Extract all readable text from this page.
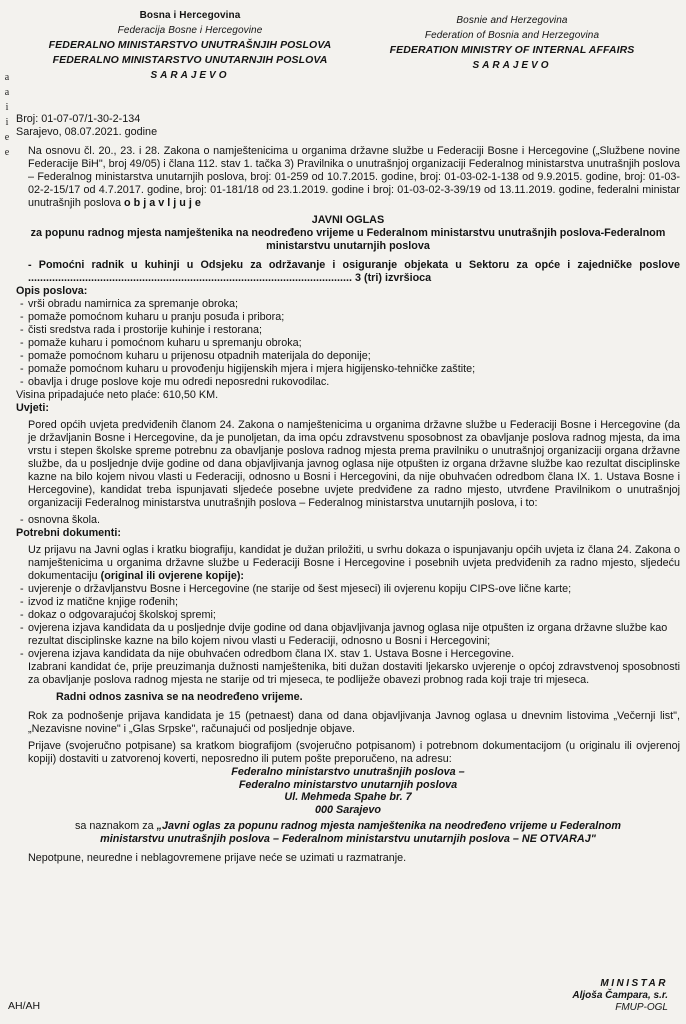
a
a
i
i
e
e
Bosna i Hercegovina
Federacija Bosne i Hercegovine
FEDERALNO MINISTARSTVO UNUTRAŠNJIH POSLOVA
FEDERALNO MINISTARSTVO UNUTARNJIH POSLOVA
SARAJEVO
Bosnie and Herzegovina
Federation of Bosnia and Herzegovina
FEDERATION MINISTRY OF INTERNAL AFFAIRS
SARAJEVO

Broj: 01-07-07/1-30-2-134

Sarajevo, 08.07.2021. godine

Na osnovu čl. 20., 23. i 28. Zakona o namještenicima u organima državne službe u Federaciji Bosne i Hercegovine („Službene novine Federacije BiH", broj 49/05) i člana 112. stav 1. tačka 3) Pravilnika o unutrašnjoj organizaciji Federalnog ministarstva unutrašnjih poslova – Federalnog ministarstva unutarnjih poslova, broj: 01-259 od 10.7.2015. godine, broj: 01-03-02-1-138 od 9.9.2015. godine, broj: 01-03-02-2-15/17 od 4.7.2017. godine, broj: 01-181/18 od 23.1.2019. godine i broj: 01-03-02-3-39/19 od 13.11.2019. godine, federalni ministar unutrašnjih poslova o b j a v l j u j e

JAVNI OGLAS

za popunu radnog mjesta namještenika na neodređeno vrijeme u Federalnom ministarstvu unutrašnjih poslova-Federalnom ministarstvu unutarnjih poslova

- Pomoćni radnik u kuhinji u Odsjeku za održavanje i osiguranje objekata u Sektoru za opće i zajedničke poslove ............................................................................................................ 3 (tri) izvršioca

Opis poslova:

- vrši obradu namirnica za spremanje obroka;
- pomaže pomoćnom kuharu u pranju posuđa i pribora;
- čisti sredstva rada i prostorije kuhinje i restorana;
- pomaže kuharu i pomoćnom kuharu u spremanju obroka;
- pomaže pomoćnom kuharu u prijenosu otpadnih materijala do deponije;
- pomaže pomoćnom kuharu u provođenju higijenskih mjera i mjera higijensko-tehničke zaštite;
- obavlja i druge poslove koje mu odredi neposredni rukovodilac.

Visina pripadajuće neto plaće: 610,50 KM.

Uvjeti:

Pored općih uvjeta predviđenih članom 24. Zakona o namještenicima u organima državne službe u Federaciji Bosne i Hercegovine (da je državljanin Bosne i Hercegovine, da je punoljetan, da ima opću zdravstvenu sposobnost za obavljanje poslova radnog mjesta, da ima vrstu i stepen školske spreme potrebnu za obavljanje poslova radnog mjesta prema pravilniku o unutrašnjoj organizaciji organa državne službe, da u posljednje dvije godine od dana objavljivanja javnog oglasa nije otpušten iz organa državne službe kao rezultat disciplinske kazne na bilo kojem nivou vlasti u Federaciji, odnosno u Bosni i Hercegovini, da nije obuhvaćen odredbom člana IX. 1. Ustava Bosne i Hercegovine), kandidat treba ispunjavati sljedeće posebne uvjete predviđene za radno mjesto, utvrđene Pravilnikom o unutrašnjoj organizaciji Federalnog ministarstva unutrašnjih poslova – Federalnog ministarstva unutarnjih poslova, i to:

- osnovna škola.

Potrebni dokumenti:

Uz prijavu na Javni oglas i kratku biografiju, kandidat je dužan priložiti, u svrhu dokaza o ispunjavanju općih uvjeta iz člana 24. Zakona o namještenicima u organima državne službe u Federaciji Bosne i Hercegovine i posebnih uvjeta predviđenih za radno mjesto, sljedeću dokumentaciju (original ili ovjerene kopije):

- uvjerenje o državljanstvu Bosne i Hercegovine (ne starije od šest mjeseci) ili ovjerenu kopiju CIPS-ove lične karte;
- izvod iz matične knjige rođenih;
- dokaz o odgovarajućoj školskoj spremi;
- ovjerena izjava kandidata da u posljednje dvije godine od dana objavljivanja javnog oglasa nije otpušten iz organa državne službe kao rezultat disciplinske kazne na bilo kojem nivou vlasti u Federaciji, odnosno u Bosni i Hercegovini;
- ovjerena izjava kandidata da nije obuhvaćen odredbom člana IX. stav 1. Ustava Bosne i Hercegovine.

Izabrani kandidat će, prije preuzimanja dužnosti namještenika, biti dužan dostaviti ljekarsko uvjerenje o općoj zdravstvenoj sposobnosti za obavljanje poslova radnog mjesta ne starije od tri mjeseca, te podliježe obavezi probnog rada koji traje tri mjeseca.

Radni odnos zasniva se na neodređeno vrijeme.

Rok za podnošenje prijava kandidata je 15 (petnaest) dana od dana objavljivanja Javnog oglasa u dnevnim listovima „Večernji list", „Nezavisne novine" i „Glas Srpske", računajući od posljednje objave.

Prijave (svojeručno potpisane) sa kratkom biografijom (svojeručno potpisanom) i potrebnom dokumentacijom (u originalu ili ovjerenoj kopiji) dostaviti u zatvorenoj koverti, neposredno ili putem pošte preporučeno, na adresu:

Federalno ministarstvo unutrašnjih poslova –
Federalno ministarstvo unutarnjih poslova
Ul. Mehmeda Spahe br. 7
000 Sarajevo

sa naznakom za „Javni oglas za popunu radnog mjesta namještenika na neodređeno vrijeme u Federalnom ministarstvu unutrašnjih poslova – Federalnom ministarstvu unutarnjih poslova – NE OTVARAJ"

Nepotpune, neuredne i neblagovremene prijave neće se uzimati u razmatranje.

MINISTAR
Aljoša Čampara, s.r.
FMUP-OGL
AH/AH
